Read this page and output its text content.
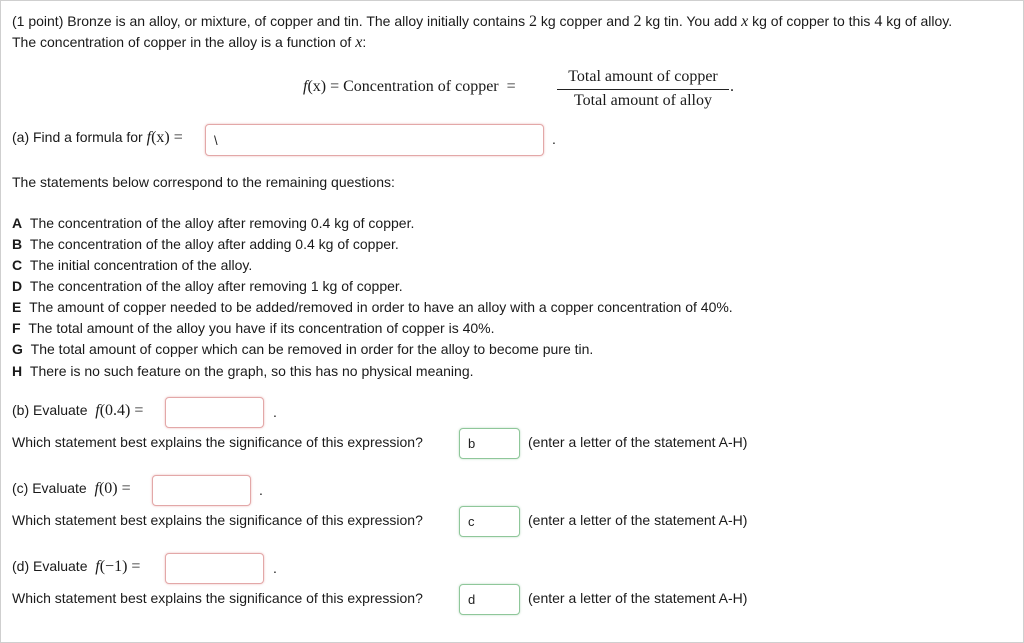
(1 point) Bronze is an alloy, or mixture, of copper and tin. The alloy initially contains 2 kg copper and 2 kg tin. You add x kg of copper to this 4 kg of alloy.
The concentration of copper in the alloy is a function of x:
f(x) = Concentration of copper  =
Total amount of copper
Total amount of alloy
.
(a) Find a formula for f(x) =	\	.
The statements below correspond to the remaining questions:
A The concentration of the alloy after removing 0.4 kg of copper.
B The concentration of the alloy after adding 0.4 kg of copper.
C The initial concentration of the alloy.
D The concentration of the alloy after removing 1 kg of copper.
E The amount of copper needed to be added/removed in order to have an alloy with a copper concentration of 40%.
F The total amount of the alloy you have if its concentration of copper is 40%.
G The total amount of copper which can be removed in order for the alloy to become pure tin.
H There is no such feature on the graph, so this has no physical meaning.
(b) Evaluate  f(0.4) =	.
Which statement best explains the significance of this expression?	b	(enter a letter of the statement A-H)
(c) Evaluate  f(0) =	.
Which statement best explains the significance of this expression?	c	(enter a letter of the statement A-H)
(d) Evaluate  f(−1) =	.
Which statement best explains the significance of this expression?	d	(enter a letter of the statement A-H)
